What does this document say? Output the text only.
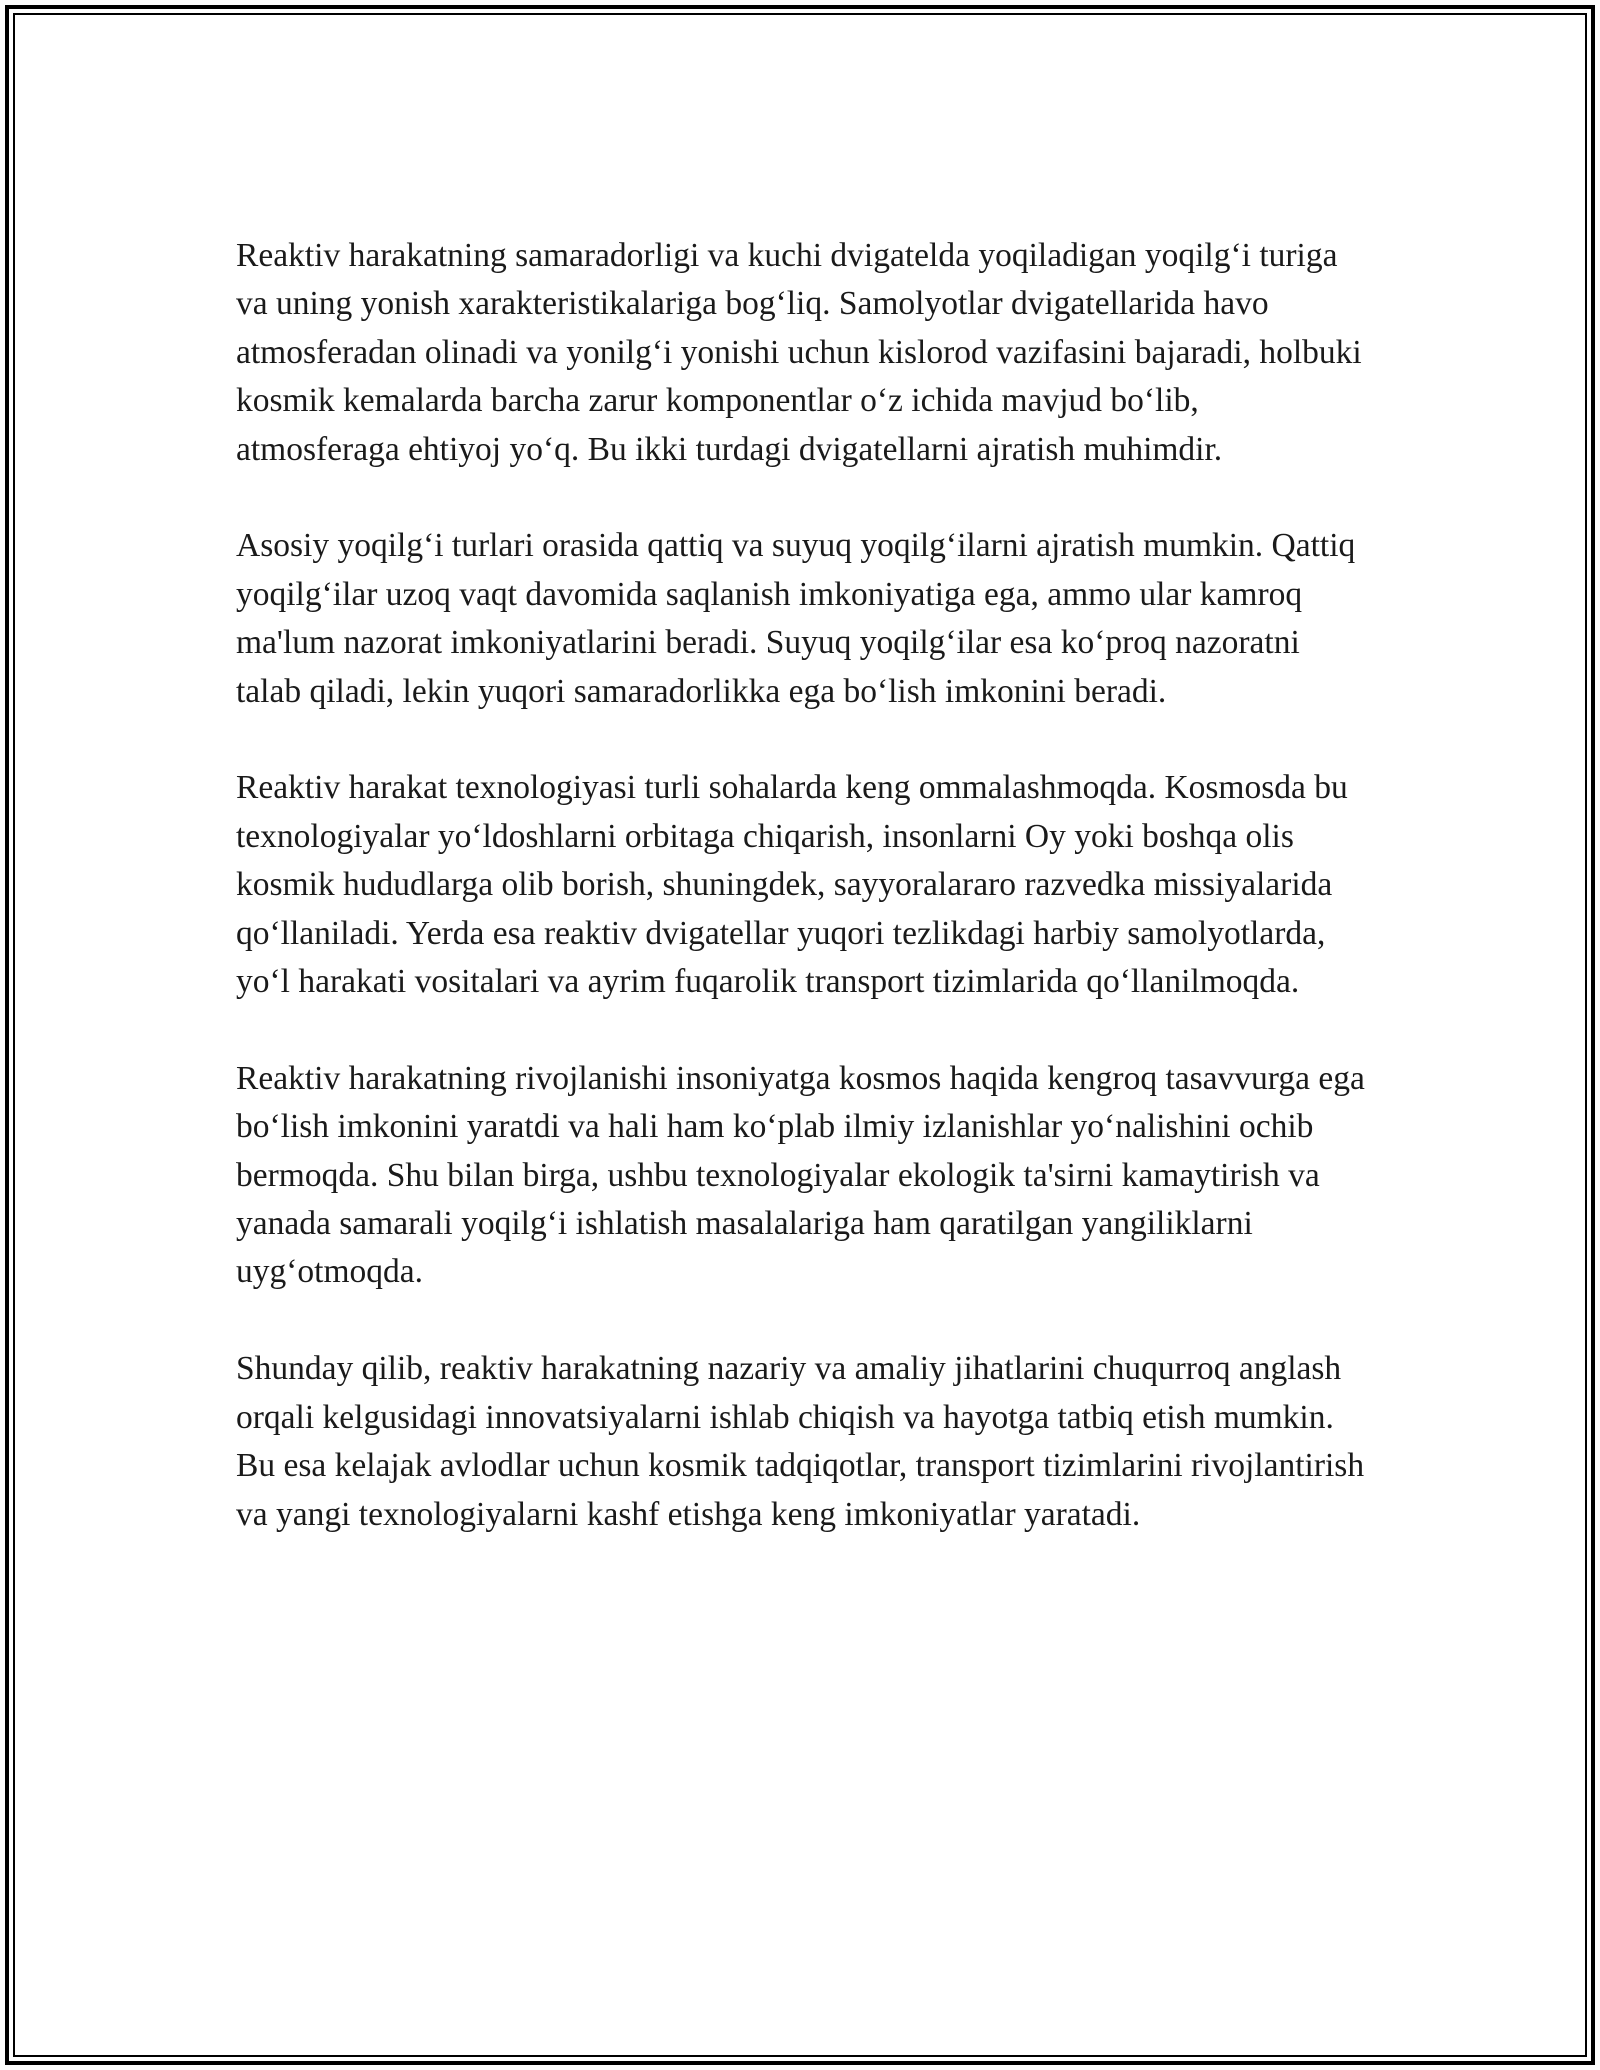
Reaktiv harakatning samaradorligi va kuchi dvigatelda yoqiladigan yoqilg‘i turiga va uning yonish xarakteristikalariga bog‘liq. Samolyotlar dvigatellarida havo atmosferadan olinadi va yonilg‘i yonishi uchun kislorod vazifasini bajaradi, holbuki kosmik kemalarda barcha zarur komponentlar o‘z ichida mavjud bo‘lib, atmosferaga ehtiyoj yo‘q. Bu ikki turdagi dvigatellarni ajratish muhimdir.

Asosiy yoqilg‘i turlari orasida qattiq va suyuq yoqilg‘ilarni ajratish mumkin. Qattiq yoqilg‘ilar uzoq vaqt davomida saqlanish imkoniyatiga ega, ammo ular kamroq ma'lum nazorat imkoniyatlarini beradi. Suyuq yoqilg‘ilar esa ko‘proq nazoratni talab qiladi, lekin yuqori samaradorlikka ega bo‘lish imkonini beradi.

Reaktiv harakat texnologiyasi turli sohalarda keng ommalashmoqda. Kosmosda bu texnologiyalar yo‘ldoshlarni orbitaga chiqarish, insonlarni Oy yoki boshqa olis kosmik hududlarga olib borish, shuningdek, sayyoralararo razvedka missiyalarida qo‘llaniladi. Yerda esa reaktiv dvigatellar yuqori tezlikdagi harbiy samolyotlarda, yo‘l harakati vositalari va ayrim fuqarolik transport tizimlarida qo‘llanilmoqda.

Reaktiv harakatning rivojlanishi insoniyatga kosmos haqida kengroq tasavvurga ega bo‘lish imkonini yaratdi va hali ham ko‘plab ilmiy izlanishlar yo‘nalishini ochib bermoqda. Shu bilan birga, ushbu texnologiyalar ekologik ta'sirni kamaytirish va yanada samarali yoqilg‘i ishlatish masalalariga ham qaratilgan yangiliklarni uyg‘otmoqda.

Shunday qilib, reaktiv harakatning nazariy va amaliy jihatlarini chuqurroq anglash orqali kelgusidagi innovatsiyalarni ishlab chiqish va hayotga tatbiq etish mumkin. Bu esa kelajak avlodlar uchun kosmik tadqiqotlar, transport tizimlarini rivojlantirish va yangi texnologiyalarni kashf etishga keng imkoniyatlar yaratadi.
